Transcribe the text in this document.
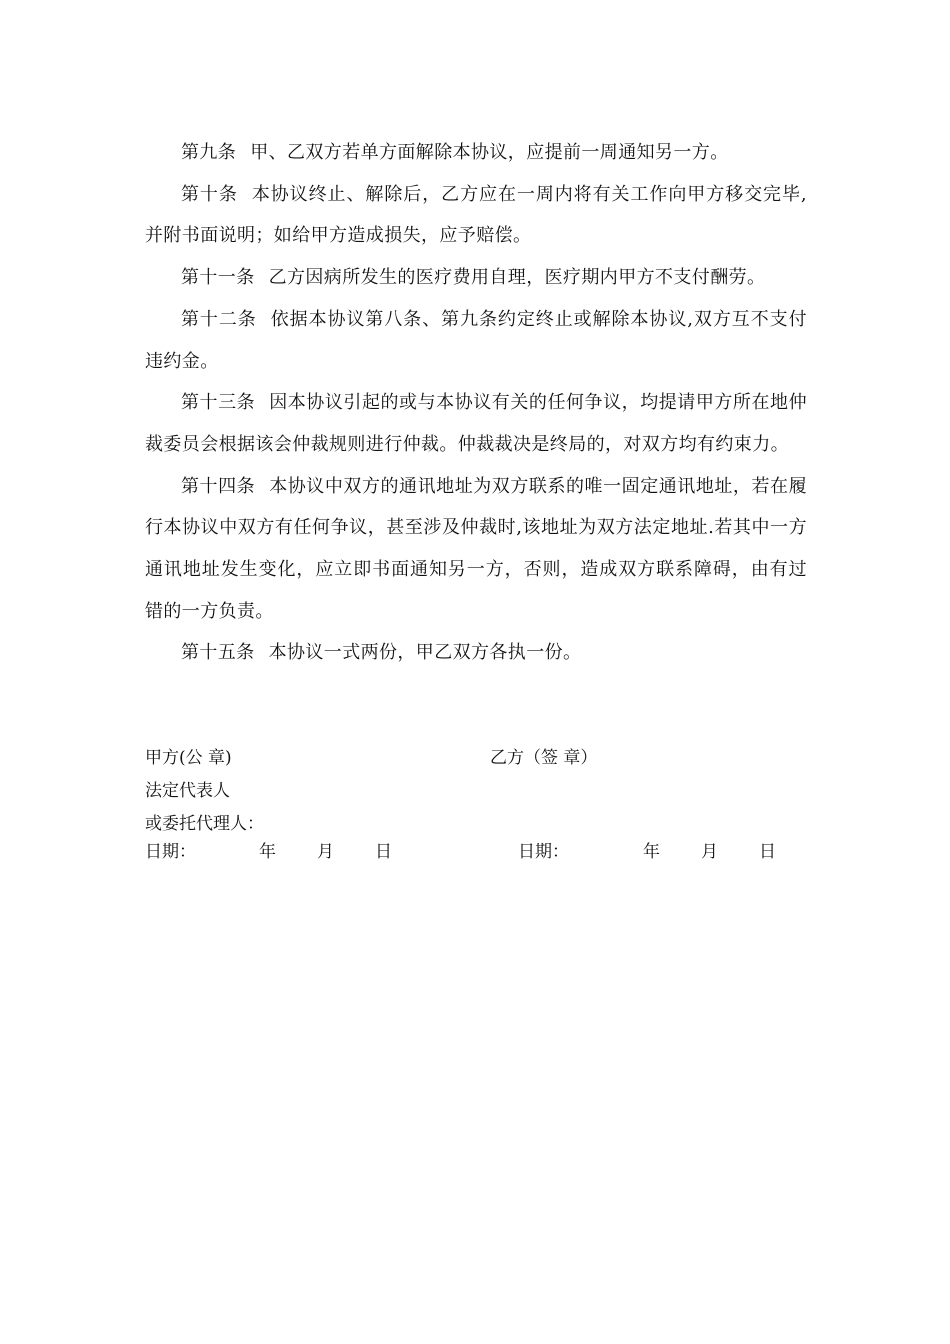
第九条 甲、乙双方若单方面解除本协议，应提前一周通知另一方。

第十条 本协议终止、解除后，乙方应在一周内将有关工作向甲方移交完毕,并附书面说明；如给甲方造成损失，应予赔偿。

第十一条 乙方因病所发生的医疗费用自理，医疗期内甲方不支付酬劳。

第十二条 依据本协议第八条、第九条约定终止或解除本协议,双方互不支付违约金。

第十三条 因本协议引起的或与本协议有关的任何争议，均提请甲方所在地仲裁委员会根据该会仲裁规则进行仲裁。仲裁裁决是终局的，对双方均有约束力。

第十四条 本协议中双方的通讯地址为双方联系的唯一固定通讯地址，若在履行本协议中双方有任何争议，甚至涉及仲裁时,该地址为双方法定地址.若其中一方通讯地址发生变化，应立即书面通知另一方，否则，造成双方联系障碍，由有过错的一方负责。

第十五条 本协议一式两份，甲乙双方各执一份。

甲方(公 章)	乙方（签 章）
法定代表人
或委托代理人：
日期：	年 月 日	日期：	年 月 日
